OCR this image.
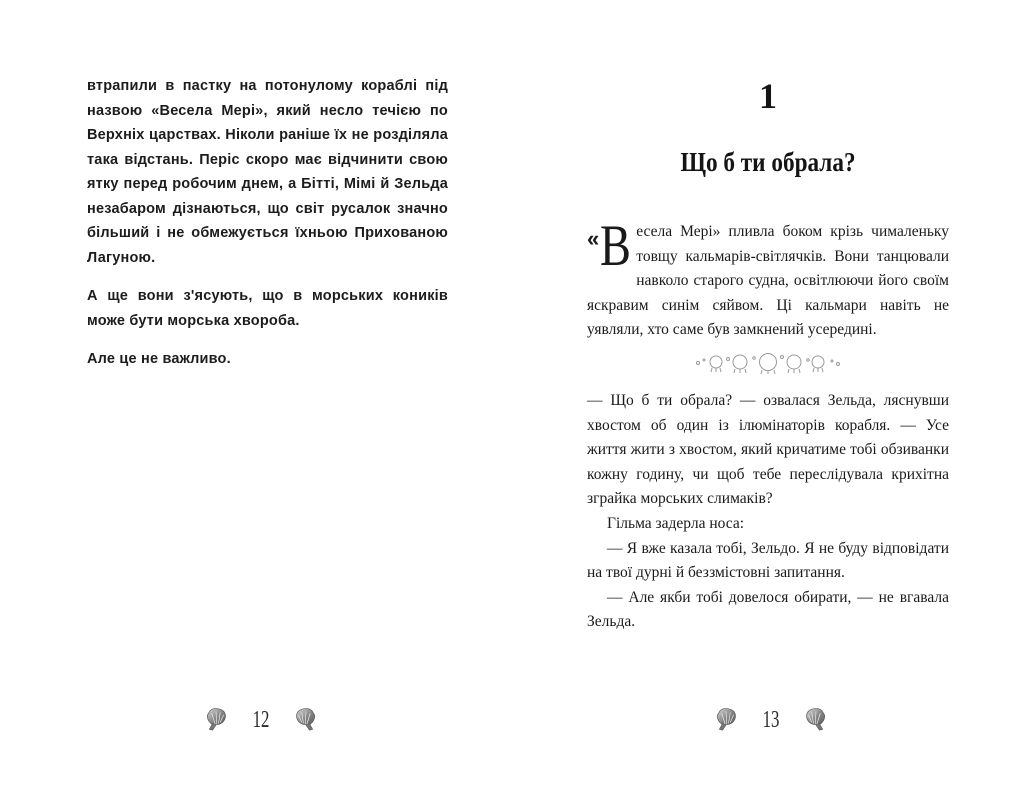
втрапили в пастку на потонулому кораблі під назвою «Весела Мері», який несло течією по Верхніх царствах. Ніколи раніше їх не розділяла така відстань. Періс скоро має відчинити свою ятку перед робочим днем, а Бітті, Мімі й Зельда незабаром дізнаються, що світ русалок значно більший і не обмежується їхньою Прихованою Лагуною.

А ще вони з'ясують, що в морських коників може бути морська хвороба.

Але це не важливо.

12
1
Що б ти обрала?

« В есела Мері» пливла боком крізь чималеньку товщу кальмарів-світлячків. Вони танцювали навколо старого судна, освітлюючи його своїм яскравим синім сяйвом. Ці кальмари навіть не уявляли, хто саме був замкнений усередині.

— Що б ти обрала? — озвалася Зельда, ляснувши хвостом об один із ілюмінаторів корабля. — Усе життя жити з хвостом, який кричатиме тобі обзиванки кожну годину, чи щоб тебе переслідувала крихітна зграйка морських слимаків?

Гільма задерла носа:

— Я вже казала тобі, Зельдо. Я не буду відповідати на твої дурні й беззмістовні запитання.

— Але якби тобі довелося обирати, — не вгавала Зельда.

13
